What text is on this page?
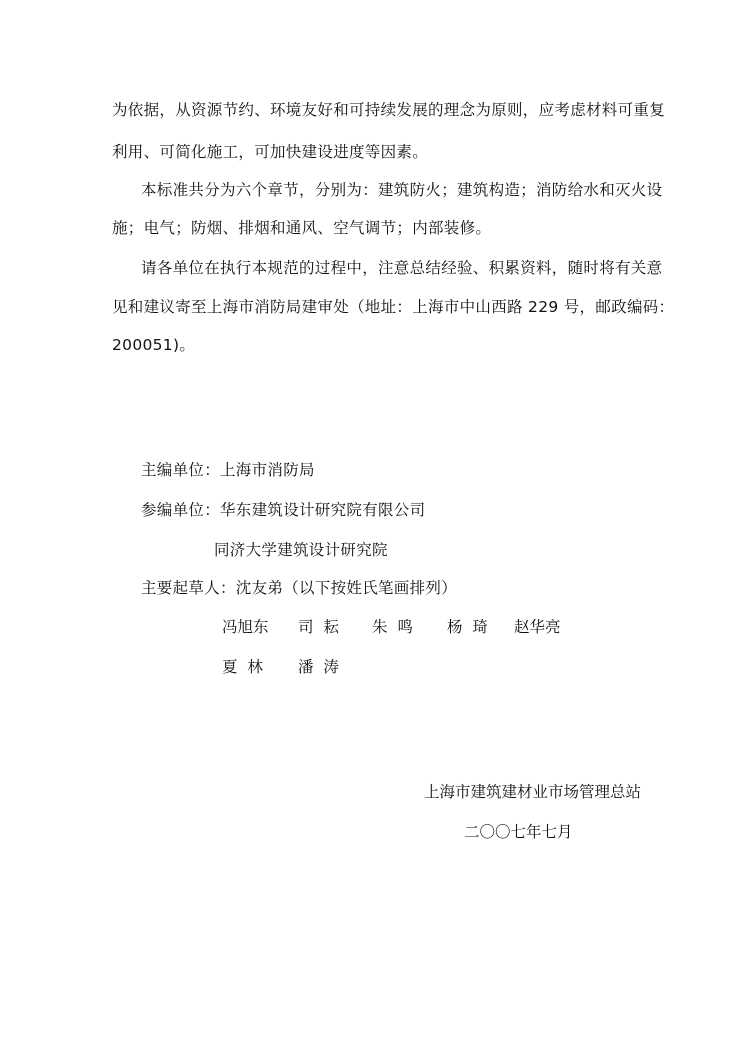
为依据，从资源节约、环境友好和可持续发展的理念为原则，应考虑材料可重复
利用、可简化施工，可加快建设进度等因素。
本标准共分为六个章节，分别为：建筑防火；建筑构造；消防给水和灭火设
施；电气；防烟、排烟和通风、空气调节；内部装修。
请各单位在执行本规范的过程中，注意总结经验、积累资料，随时将有关意
见和建议寄至上海市消防局建审处（地址：上海市中山西路 229 号，邮政编码：
200051)。
主编单位：上海市消防局
参编单位：华东建筑设计研究院有限公司
同济大学建筑设计研究院
主要起草人：沈友弟（以下按姓氏笔画排列）
冯旭东 司  耘 朱  鸣 杨  琦 赵华亮
夏  林 潘  涛
上海市建筑建材业市场管理总站
二〇〇七年七月
